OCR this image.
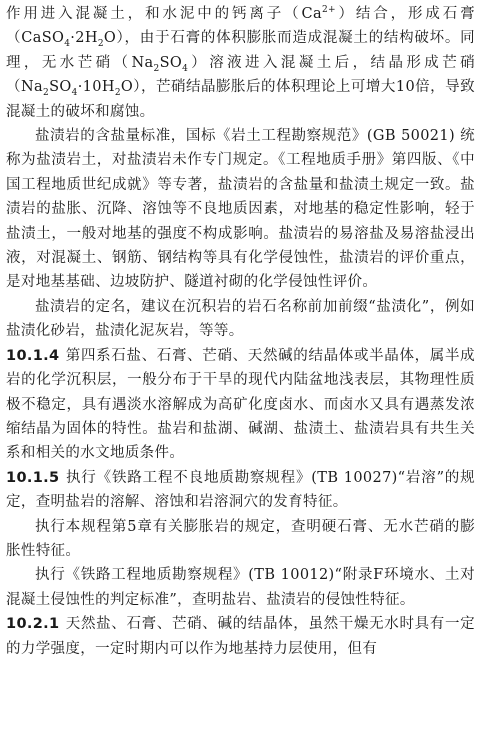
作用进入混凝土，和水泥中的钙离子$(Ca^{2+})$结合，形成石膏$(CaSO_4\cdot 2H_2O)$，由于石膏的体积膨胀而造成混凝土的结构破坏。同理，无水芒硝$(Na_2SO_4)$溶液进入混凝土后，结晶形成芒硝$(Na_2SO_4\cdot 10H_2O)$，芒硝结晶膨胀后的体积理论上可增大10倍，导致混凝土的破坏和腐蚀。

盐渍岩的含盐量标准，国标《岩土工程勘察规范》(GB 50021) 统称为盐渍岩土，对盐渍岩未作专门规定。《工程地质手册》第四版、《中国工程地质世纪成就》等专著，盐渍岩的含盐量和盐渍土规定一致。盐渍岩的盐胀、沉降、溶蚀等不良地质因素，对地基的稳定性影响，轻于盐渍土，一般对地基的强度不构成影响。盐渍岩的易溶盐及易溶盐浸出液，对混凝土、钢筋、钢结构等具有化学侵蚀性，盐渍岩的评价重点，是对地基基础、边坡防护、隧道衬砌的化学侵蚀性评价。

盐渍岩的定名，建议在沉积岩的岩石名称前加前缀“盐渍化”，例如盐渍化砂岩，盐渍化泥灰岩，等等。

10.1.4 第四系石盐、石膏、芒硝、天然碱的结晶体或半晶体，属半成岩的化学沉积层，一般分布于干旱的现代内陆盆地浅表层，其物理性质极不稳定，具有遇淡水溶解成为高矿化度卤水、而卤水又具有遇蒸发浓缩结晶为固体的特性。盐岩和盐湖、碱湖、盐渍土、盐渍岩具有共生关系和相关的水文地质条件。

10.1.5 执行《铁路工程不良地质勘察规程》(TB 10027)“岩溶”的规定，查明盐岩的溶解、溶蚀和岩溶洞穴的发育特征。

执行本规程第5章有关膨胀岩的规定，查明硬石膏、无水芒硝的膨胀性特征。

执行《铁路工程地质勘察规程》(TB 10012)“附录F环境水、土对混凝土侵蚀性的判定标准”，查明盐岩、盐渍岩的侵蚀性特征。

10.2.1 天然盐、石膏、芒硝、碱的结晶体，虽然干燥无水时具有一定的力学强度，一定时期内可以作为地基持力层使用，但有
